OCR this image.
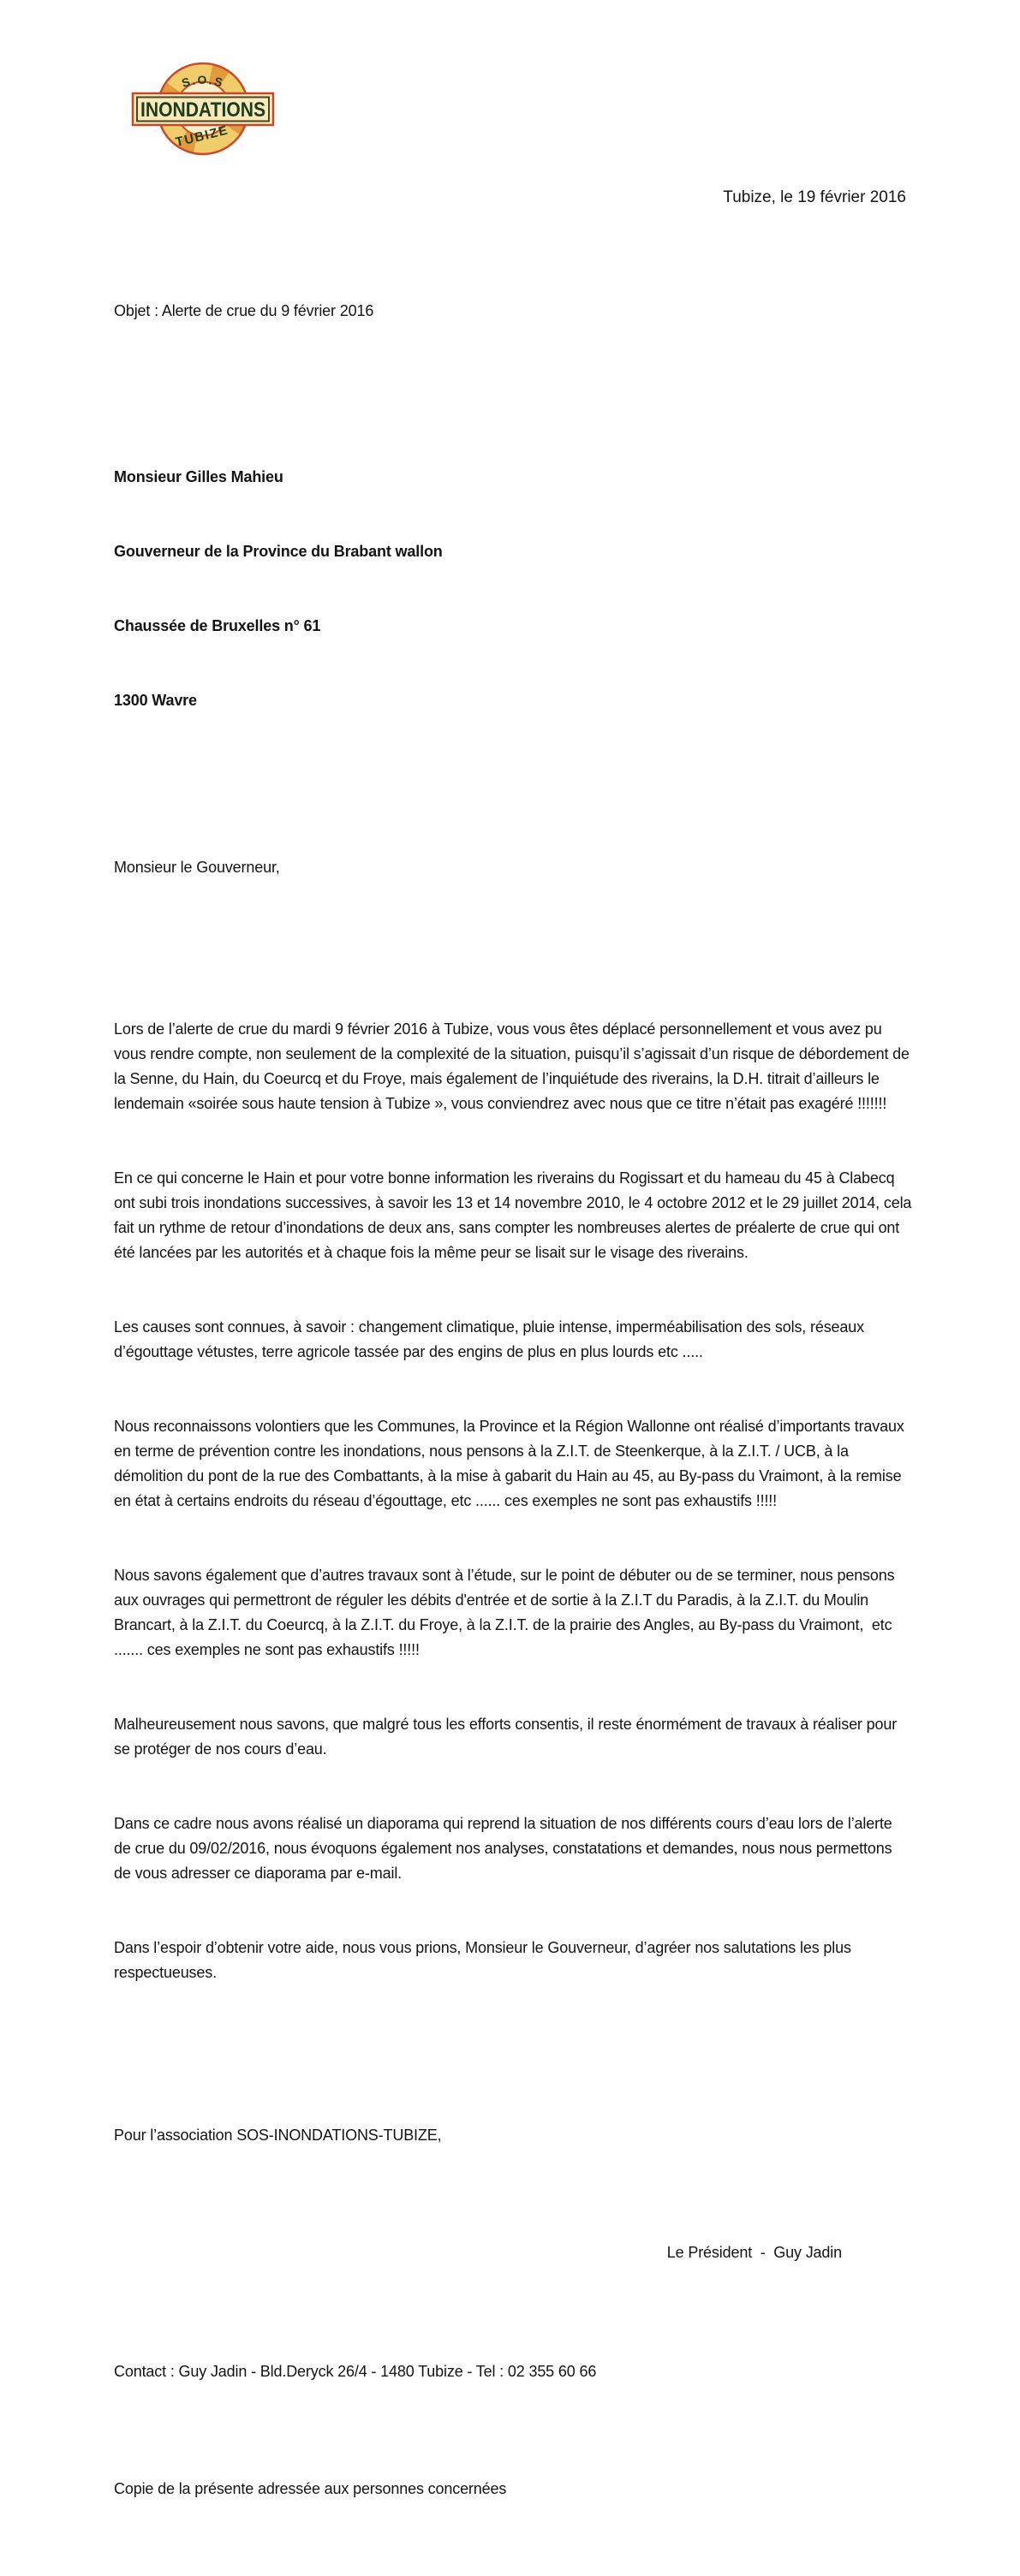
S.O.S
INONDATIONS
TUBIZE
Tubize, le 19 février 2016

Objet : Alerte de crue du 9 février 2016

Monsieur Gilles Mahieu

Gouverneur de la Province du Brabant wallon

Chaussée de Bruxelles n° 61

1300 Wavre

Monsieur le Gouverneur,

Lors de l’alerte de crue du mardi 9 février 2016 à Tubize, vous vous êtes déplacé personnellement et vous avez pu vous rendre compte, non seulement de la complexité de la situation, puisqu’il s’agissait d’un risque de débordement de la Senne, du Hain, du Coeurcq et du Froye, mais également de l’inquiétude des riverains, la D.H. titrait d’ailleurs le lendemain «soirée sous haute tension à Tubize », vous conviendrez avec nous que ce titre n’était pas exagéré !!!!!!!

En ce qui concerne le Hain et pour votre bonne information les riverains du Rogissart et du hameau du 45 à Clabecq ont subi trois inondations successives, à savoir les 13 et 14 novembre 2010, le 4 octobre 2012 et le 29 juillet 2014, cela fait un rythme de retour d’inondations de deux ans, sans compter les nombreuses alertes de préalerte de crue qui ont été lancées par les autorités et à chaque fois la même peur se lisait sur le visage des riverains.

Les causes sont connues, à savoir : changement climatique, pluie intense, imperméabilisation des sols, réseaux d’égouttage vétustes, terre agricole tassée par des engins de plus en plus lourds etc .....

Nous reconnaissons volontiers que les Communes, la Province et la Région Wallonne ont réalisé d’importants travaux en terme de prévention contre les inondations, nous pensons à la Z.I.T. de Steenkerque, à la Z.I.T. / UCB, à la démolition du pont de la rue des Combattants, à la mise à gabarit du Hain au 45, au By-pass du Vraimont, à la remise en état à certains endroits du réseau d’égouttage, etc ...... ces exemples ne sont pas exhaustifs !!!!!

Nous savons également que d’autres travaux sont à l’étude, sur le point de débuter ou de se terminer, nous pensons aux ouvrages qui permettront de réguler les débits d'entrée et de sortie à la Z.I.T du Paradis, à la Z.I.T. du Moulin Brancart, à la Z.I.T. du Coeurcq, à la Z.I.T. du Froye, à la Z.I.T. de la prairie des Angles, au By-pass du Vraimont,  etc ....... ces exemples ne sont pas exhaustifs !!!!!

Malheureusement nous savons, que malgré tous les efforts consentis, il reste énormément de travaux à réaliser pour se protéger de nos cours d’eau.

Dans ce cadre nous avons réalisé un diaporama qui reprend la situation de nos différents cours d’eau lors de l’alerte de crue du 09/02/2016, nous évoquons également nos analyses, constatations et demandes, nous nous permettons de vous adresser ce diaporama par e-mail.

Dans l’espoir d’obtenir votre aide, nous vous prions, Monsieur le Gouverneur, d’agréer nos salutations les plus respectueuses.

Pour l’association SOS-INONDATIONS-TUBIZE,

Le Président  -  Guy Jadin

Contact : Guy Jadin - Bld.Deryck 26/4 - 1480 Tubize - Tel : 02 355 60 66

Copie de la présente adressée aux personnes concernées
